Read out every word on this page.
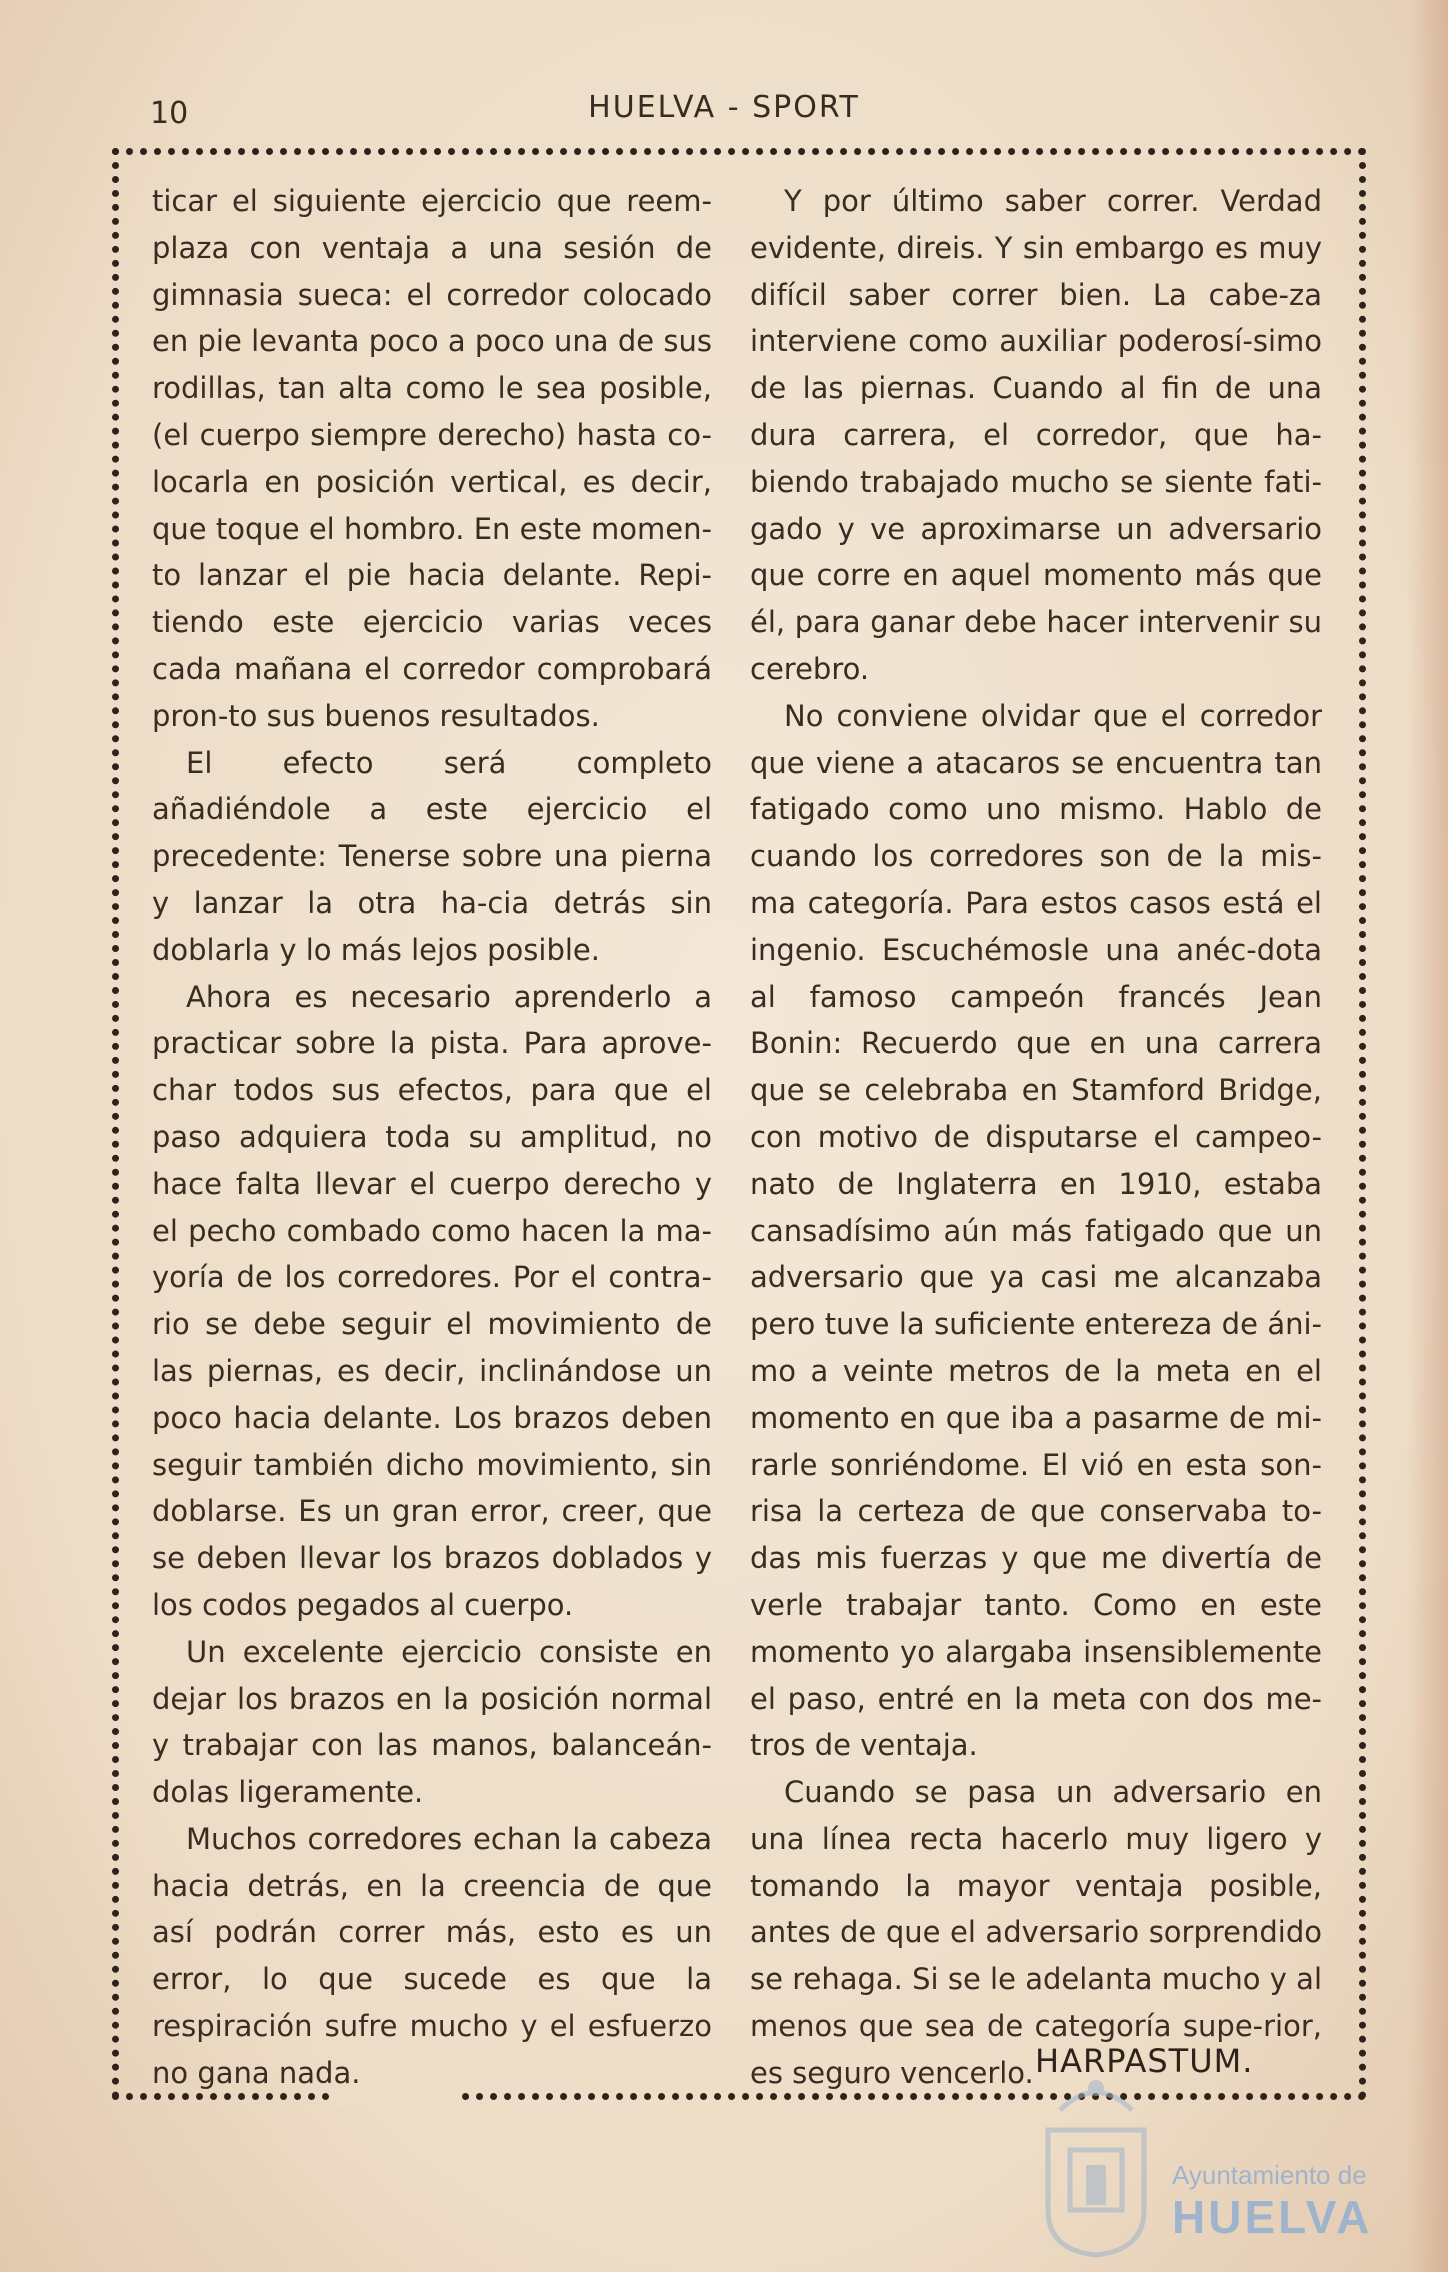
10	HUELVA - SPORT

ticar el siguiente ejercicio que reem-plaza con ventaja a una sesión de gimnasia sueca: el corredor colocado en pie levanta poco a poco una de sus rodillas, tan alta como le sea posible, (el cuerpo siempre derecho) hasta co-locarla en posición vertical, es decir, que toque el hombro. En este momen-to lanzar el pie hacia delante. Repi-tiendo este ejercicio varias veces cada mañana el corredor comprobará pron-to sus buenos resultados.

El efecto será completo añadiéndole a este ejercicio el precedente: Tenerse sobre una pierna y lanzar la otra ha-cia detrás sin doblarla y lo más lejos posible.

Ahora es necesario aprenderlo a practicar sobre la pista. Para aprove-char todos sus efectos, para que el paso adquiera toda su amplitud, no hace falta llevar el cuerpo derecho y el pecho combado como hacen la ma-yoría de los corredores. Por el contra-rio se debe seguir el movimiento de las piernas, es decir, inclinándose un poco hacia delante. Los brazos deben seguir también dicho movimiento, sin doblarse. Es un gran error, creer, que se deben llevar los brazos doblados y los codos pegados al cuerpo.

Un excelente ejercicio consiste en dejar los brazos en la posición normal y trabajar con las manos, balanceán-dolas ligeramente.

Muchos corredores echan la cabeza hacia detrás, en la creencia de que así podrán correr más, esto es un error, lo que sucede es que la respiración sufre mucho y el esfuerzo no gana nada.

Y por último saber correr. Verdad evidente, direis. Y sin embargo es muy difícil saber correr bien. La cabe-za interviene como auxiliar poderosí-simo de las piernas. Cuando al fin de una dura carrera, el corredor, que ha-biendo trabajado mucho se siente fati-gado y ve aproximarse un adversario que corre en aquel momento más que él, para ganar debe hacer intervenir su cerebro.

No conviene olvidar que el corredor que viene a atacaros se encuentra tan fatigado como uno mismo. Hablo de cuando los corredores son de la mis-ma categoría. Para estos casos está el ingenio. Escuchémosle una anéc-dota al famoso campeón francés Jean Bonin: Recuerdo que en una carrera que se celebraba en Stamford Bridge, con motivo de disputarse el campeo-nato de Inglaterra en 1910, estaba cansadísimo aún más fatigado que un adversario que ya casi me alcanzaba pero tuve la suficiente entereza de áni-mo a veinte metros de la meta en el momento en que iba a pasarme de mi-rarle sonriéndome. El vió en esta son-risa la certeza de que conservaba to-das mis fuerzas y que me divertía de verle trabajar tanto. Como en este momento yo alargaba insensiblemente el paso, entré en la meta con dos me-tros de ventaja.

Cuando se pasa un adversario en una línea recta hacerlo muy ligero y tomando la mayor ventaja posible, antes de que el adversario sorprendido se rehaga. Si se le adelanta mucho y al menos que sea de categoría supe-rior, es seguro vencerlo. HARPASTUM.
Ayuntamiento de
HUELVA
